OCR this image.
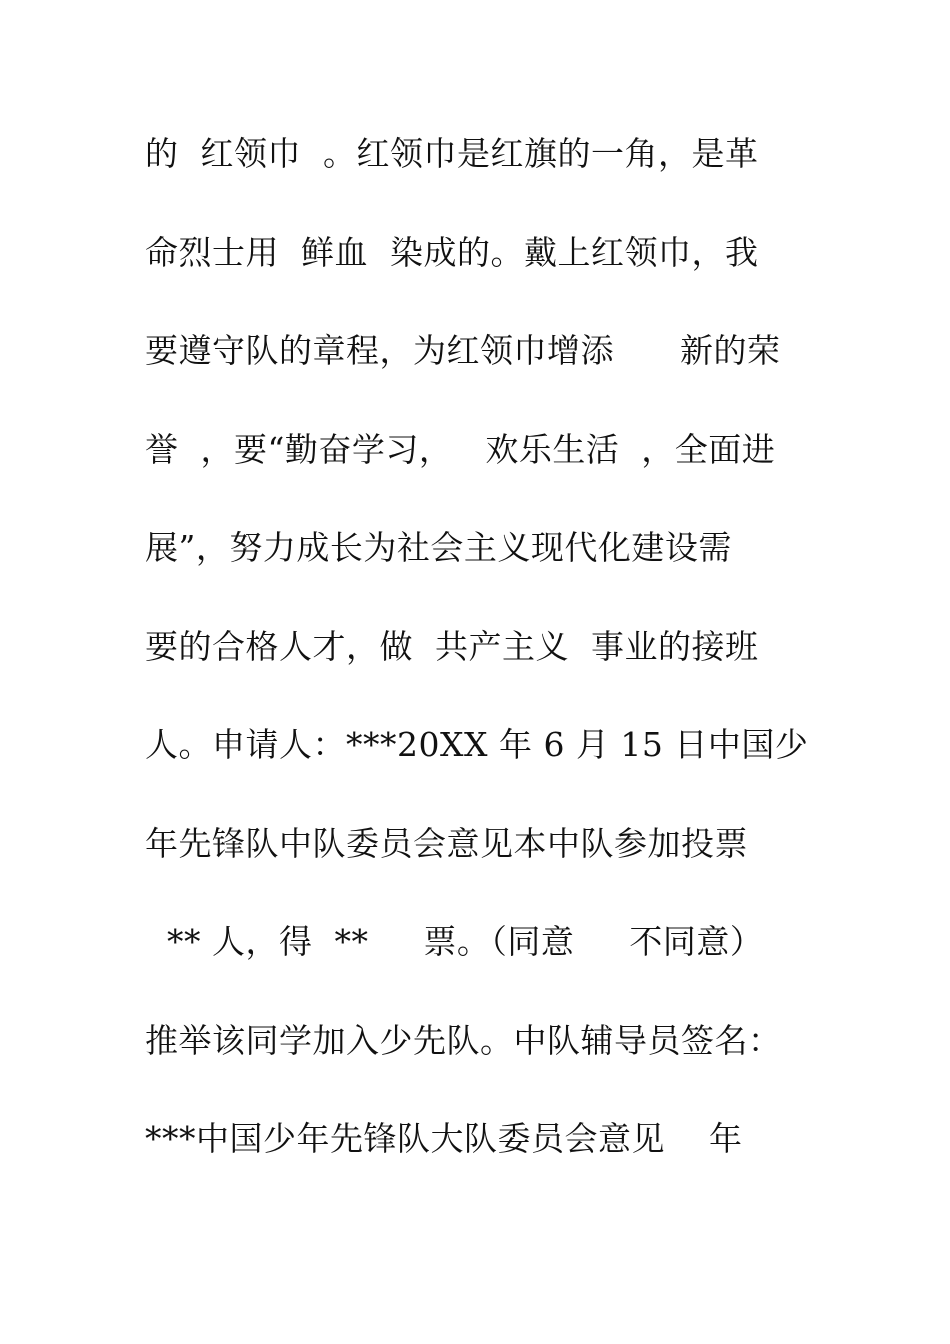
的  红领巾  。红领巾是红旗的一角，是革
命烈士用  鲜血  染成的。戴上红领巾，我
要遵守队的章程，为红领巾增添      新的荣
誉  ，要“勤奋学习，   欢乐生活  ，全面进
展”，努力成长为社会主义现代化建设需
要的合格人才，做  共产主义  事业的接班
人。申请人：***20XX 年 6 月 15 日中国少
年先锋队中队委员会意见本中队参加投票
** 人，得  **     票。（同意     不同意）
推举该同学加入少先队。中队辅导员签名：
***中国少年先锋队大队委员会意见    年
